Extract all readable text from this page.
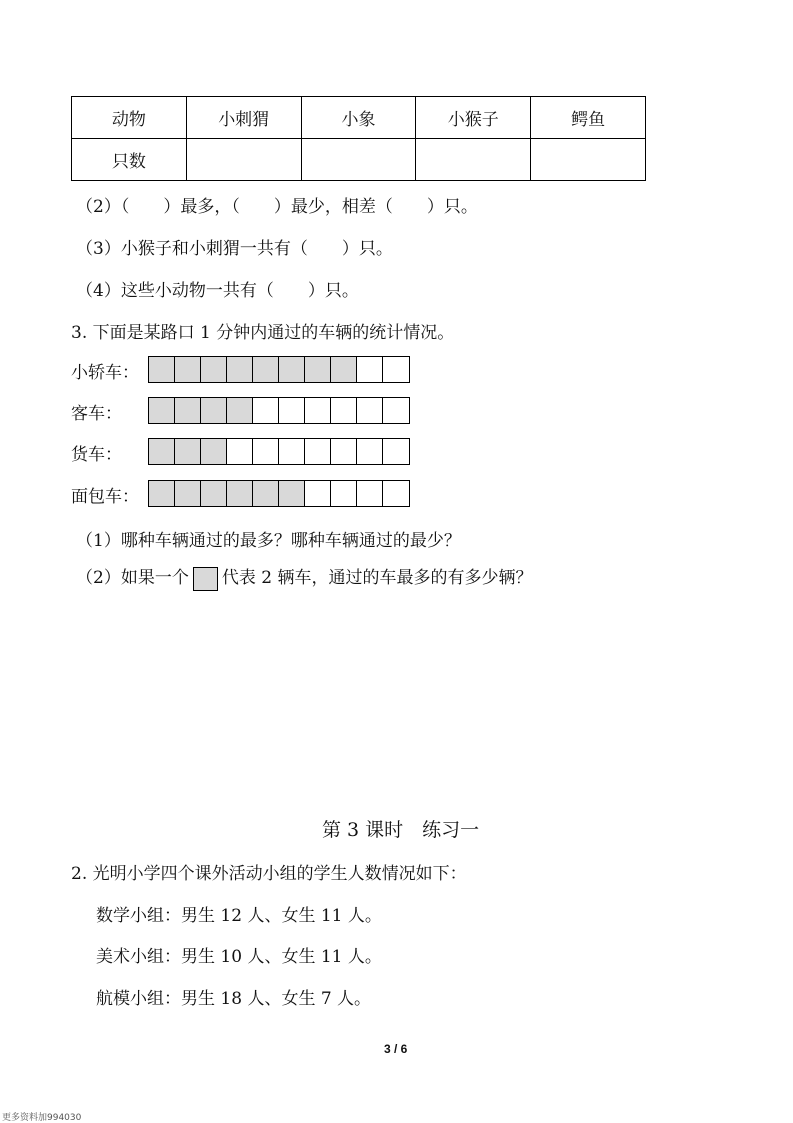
动物	小刺猬	小象	小猴子	鳄鱼
只数				
（2）（　　）最多，（　　）最少，相差（　　）只。
（3）小猴子和小刺猬一共有（　　）只。
（4）这些小动物一共有（　　）只。
3. 下面是某路口 1 分钟内通过的车辆的统计情况。
小轿车：
客车：
货车：
面包车：
（1）哪种车辆通过的最多？哪种车辆通过的最少？
（2）如果一个 代表 2 辆车，通过的车最多的有多少辆？
第 3 课时　练习一
2. 光明小学四个课外活动小组的学生人数情况如下：
数学小组：男生 12 人、女生 11 人。
美术小组：男生 10 人、女生 11 人。
航模小组：男生 18 人、女生 7 人。
3 / 6
更多资料加994030
